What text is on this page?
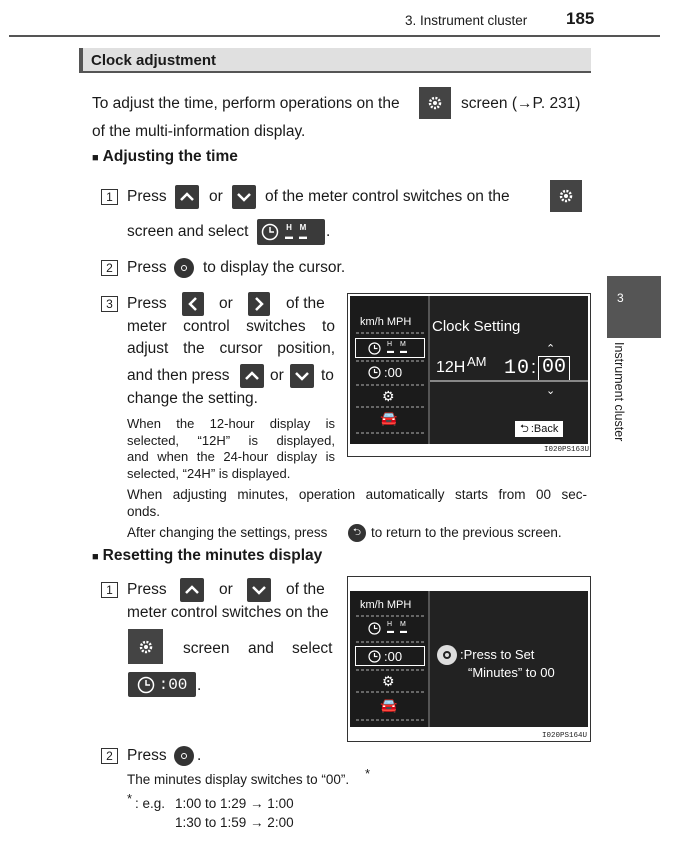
3. Instrument cluster 185
3
Instrument cluster
Clock adjustment
To adjust the time, perform operations on the	screen (→P. 231)
of the multi-information display.
■ Adjusting the time
1 Press	or	of the meter control switches on the
screen and select	H
▬
M
▬ .
2 Press to display the cursor.
3 Press	or	of the
meter control switches to
adjust the cursor position,
and then press	or to
change the setting.
When the 12-hour display is
selected, “12H” is displayed,
and when the 24-hour display is
selected, “24H” is displayed.
km/h MPH
H
▬
M
▬
:00
⚙
🚘
Clock Setting
12H AM 10 : 00
⌃
⌄
⮌ :Back
I020PS163U
When adjusting minutes, operation automatically starts from 00 sec-
onds.
After changing the settings, press	⮌ to return to the previous screen.
■ Resetting the minutes display
1 Press	or	of the
meter control switches on the
screen and select
:00 .
km/h MPH
H
▬
M
▬
:00
⚙
🚘
:Press to Set
“Minutes” to 00
I020PS164U
2 Press .
The minutes display switches to “00”. *
* : e.g. 1:00 to 1:29 → 1:00
1:30 to 1:59 → 2:00
